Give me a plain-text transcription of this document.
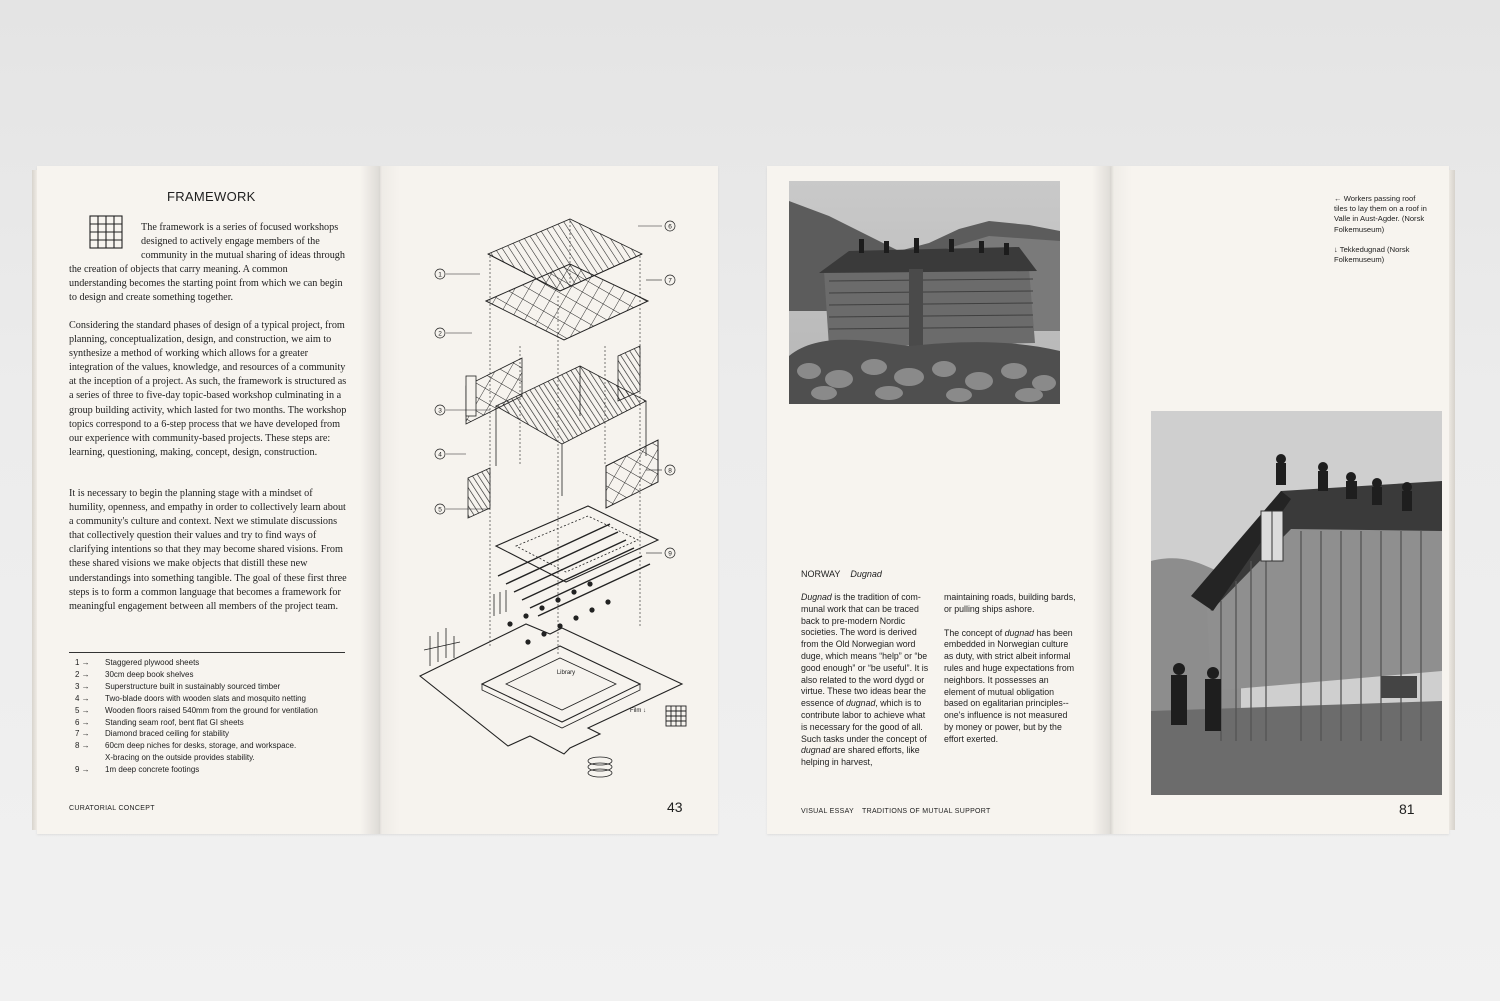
FRAMEWORK
The framework is a series of focused workshops designed to actively engage members of the community in the mutual sharing of ideas through the creation of objects that carry meaning. A common understanding becomes the starting point from which we can begin to design and create something together.
Considering the standard phases of design of a typical project, from planning, conceptualization, design, and construction, we aim to synthesize a method of working which allows for a greater integration of the values, knowledge, and resources of a community at the inception of a project. As such, the framework is structured as a series of three to five-day topic-based workshop culminating in a group building activity, which lasted for two months. The workshop topics correspond to a 6-step process that we have developed from our experience with community-based projects. These steps are: learning, questioning, making, concept, design, construction.
It is necessary to begin the planning stage with a mindset of humility, openness, and empathy in order to collectively learn about a community's culture and context. Next we stimulate discussions that collectively question their values and try to find ways of clarifying intentions so that they may become shared visions. From these shared visions we make objects that distill these new understandings into something tangible. The goal of these first three steps is to form a common language that becomes a framework for meaningful engagement between all members of the project team.
1 →	Staggered plywood sheets
2 →	30cm deep book shelves
3 →	Superstructure built in sustainably sourced timber
4 →	Two-blade doors with wooden slats and mosquito netting
5 →	Wooden floors raised 540mm from the ground for ventilation
6 →	Standing seam roof, bent flat GI sheets
7 →	Diamond braced ceiling for stability
8 →	60cm deep niches for desks, storage, and workspace.
X-bracing on the outside provides stability.
9 →	1m deep concrete footings
CURATORIAL CONCEPT
1
2
3
4
5
6
7
8
9
Library
Film ↓
43
NORWAY Dugnad
Dugnad is the tradition of com-munal work that can be traced back to pre-modern Nordic societies. The word is derived from the Old Norwegian word duge, which means “help” or “be good enough” or “be useful”. It is also related to the word dygd or virtue. These two ideas bear the essence of dugnad, which is to contribute labor to achieve what is necessary for the good of all. Such tasks under the concept of dugnad are shared efforts, like helping in harvest,
maintaining roads, building bards, or pulling ships ashore.
The concept of dugnad has been embedded in Norwegian culture as duty, with strict albeit informal rules and huge expectations from neighbors. It possesses an element of mutual obligation based on egalitarian principles--one's influence is not measured by money or power, but by the effort exerted.
VISUAL ESSAY TRADITIONS OF MUTUAL SUPPORT
← Workers passing roof tiles to lay them on a roof in Valle in Aust-Agder. (Norsk Folkemuseum)
↓ Tekkedugnad (Norsk Folkemuseum)
81
